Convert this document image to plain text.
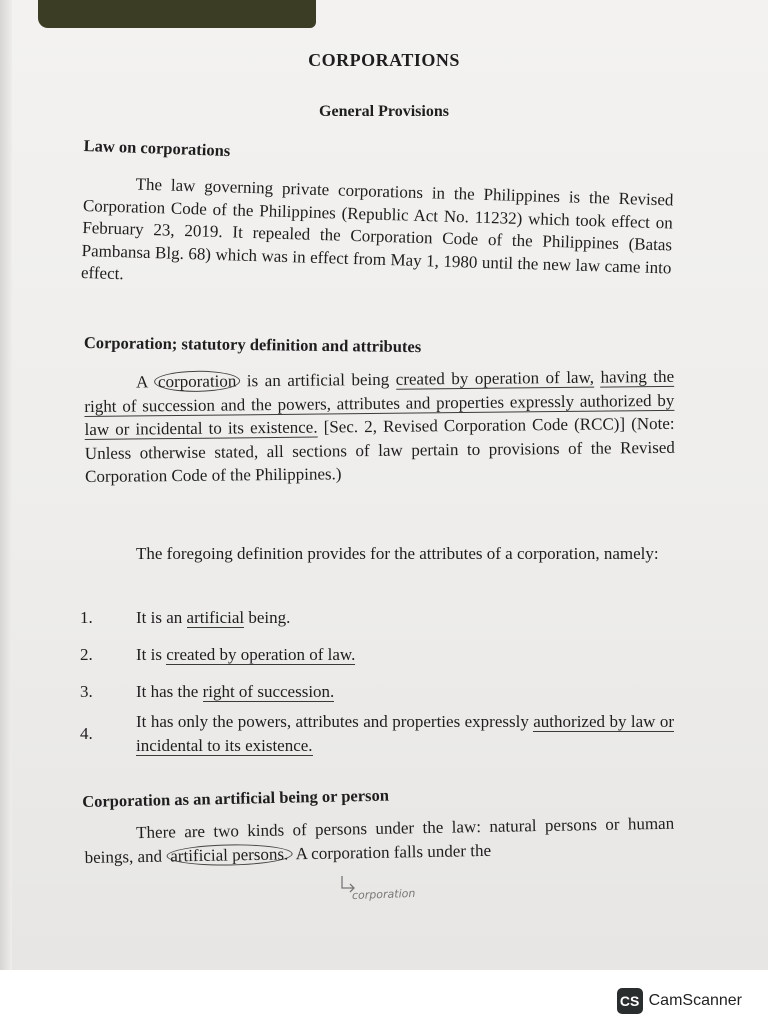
CORPORATIONS
General Provisions
Law on corporations
The law governing private corporations in the Philippines is the Revised Corporation Code of the Philippines (Republic Act No. 11232) which took effect on February 23, 2019. It repealed the Corporation Code of the Philippines (Batas Pambansa Blg. 68) which was in effect from May 1, 1980 until the new law came into effect.
Corporation; statutory definition and attributes
A corporation is an artificial being created by operation of law, having the right of succession and the powers, attributes and properties expressly authorized by law or incidental to its existence. [Sec. 2, Revised Corporation Code (RCC)] (Note: Unless otherwise stated, all sections of law pertain to provisions of the Revised Corporation Code of the Philippines.)
The foregoing definition provides for the attributes of a corporation, namely:
1.	It is an artificial being.
2.	It is created by operation of law.
3.	It has the right of succession.
4.
It has only the powers, attributes and properties expressly authorized by law or incidental to its existence.
Corporation as an artificial being or person
There are two kinds of persons under the law: natural persons or human beings, and artificial persons. A corporation falls under the
corporation
CS CamScanner
